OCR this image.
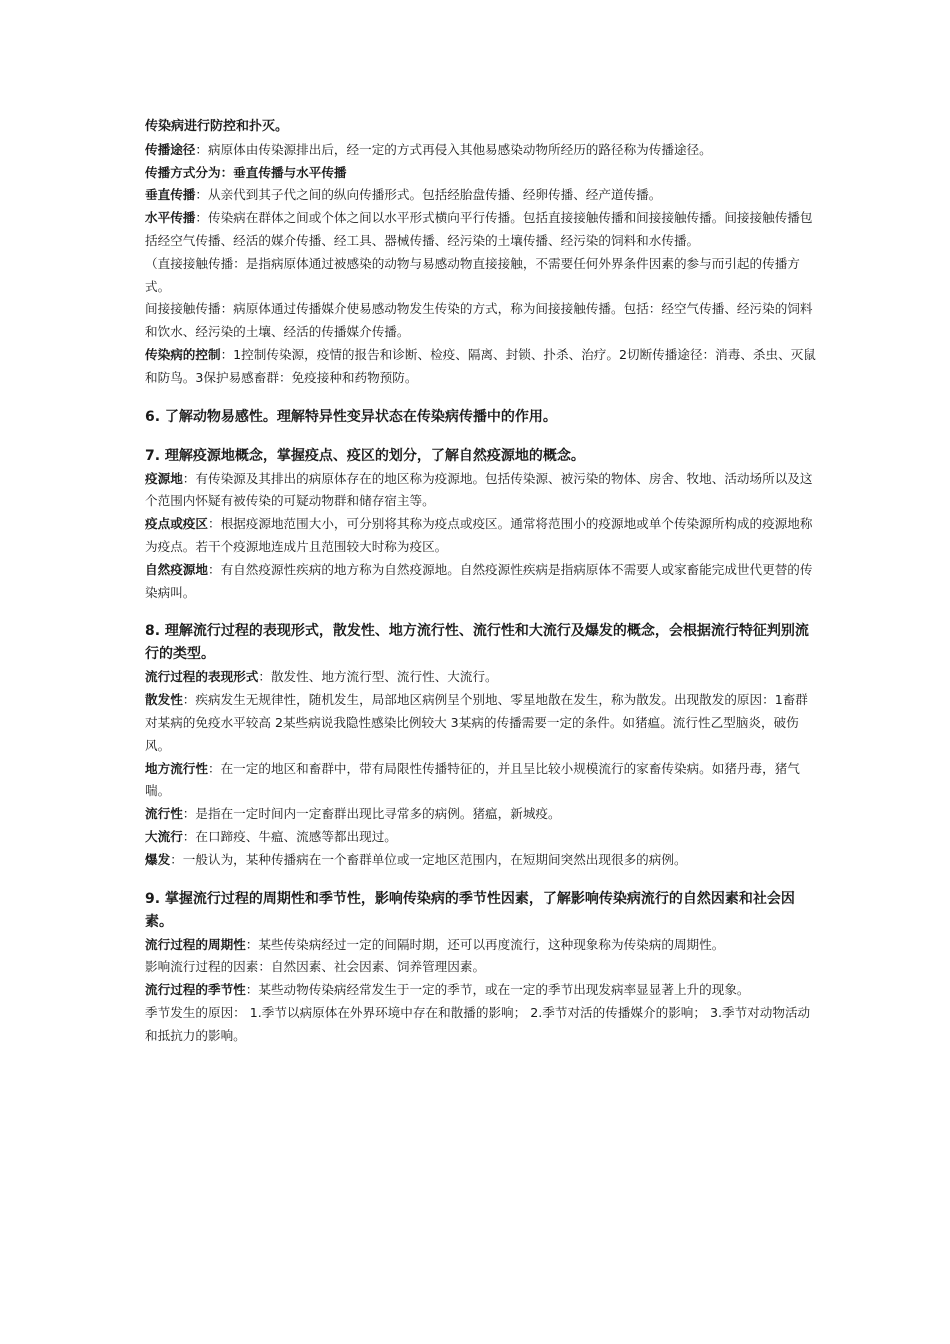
传染病进行防控和扑灭。

传播途径：病原体由传染源排出后，经一定的方式再侵入其他易感染动物所经历的路径称为传播途径。

传播方式分为：垂直传播与水平传播

垂直传播：从亲代到其子代之间的纵向传播形式。包括经胎盘传播、经卵传播、经产道传播。

水平传播：传染病在群体之间或个体之间以水平形式横向平行传播。包括直接接触传播和间接接触传播。间接接触传播包括经空气传播、经活的媒介传播、经工具、器械传播、经污染的土壤传播、经污染的饲料和水传播。

（直接接触传播：是指病原体通过被感染的动物与易感动物直接接触，不需要任何外界条件因素的参与而引起的传播方式。

间接接触传播：病原体通过传播媒介使易感动物发生传染的方式，称为间接接触传播。包括：经空气传播、经污染的饲料和饮水、经污染的土壤、经活的传播媒介传播。

传染病的控制：1控制传染源，疫情的报告和诊断、检疫、隔离、封锁、扑杀、治疗。2切断传播途径：消毒、杀虫、灭鼠和防鸟。3保护易感畜群：免疫接种和药物预防。

6. 了解动物易感性。理解特异性变异状态在传染病传播中的作用。

7. 理解疫源地概念，掌握疫点、疫区的划分，了解自然疫源地的概念。

疫源地：有传染源及其排出的病原体存在的地区称为疫源地。包括传染源、被污染的物体、房舍、牧地、活动场所以及这个范围内怀疑有被传染的可疑动物群和储存宿主等。

疫点或疫区：根据疫源地范围大小，可分别将其称为疫点或疫区。通常将范围小的疫源地或单个传染源所构成的疫源地称为疫点。若干个疫源地连成片且范围较大时称为疫区。

自然疫源地：有自然疫源性疾病的地方称为自然疫源地。自然疫源性疾病是指病原体不需要人或家畜能完成世代更替的传染病叫。

8. 理解流行过程的表现形式，散发性、地方流行性、流行性和大流行及爆发的概念，会根据流行特征判别流行的类型。

流行过程的表现形式：散发性、地方流行型、流行性、大流行。

散发性：疾病发生无规律性，随机发生，局部地区病例呈个别地、零星地散在发生，称为散发。出现散发的原因：1畜群对某病的免疫水平较高 2某些病说我隐性感染比例较大 3某病的传播需要一定的条件。如猪瘟。流行性乙型脑炎，破伤风。

地方流行性：在一定的地区和畜群中，带有局限性传播特征的，并且呈比较小规模流行的家畜传染病。如猪丹毒，猪气喘。

流行性：是指在一定时间内一定畜群出现比寻常多的病例。猪瘟，新城疫。

大流行：在口蹄疫、牛瘟、流感等都出现过。

爆发：一般认为，某种传播病在一个畜群单位或一定地区范围内，在短期间突然出现很多的病例。

9. 掌握流行过程的周期性和季节性，影响传染病的季节性因素，了解影响传染病流行的自然因素和社会因素。

流行过程的周期性：某些传染病经过一定的间隔时期，还可以再度流行，这种现象称为传染病的周期性。

影响流行过程的因素：自然因素、社会因素、饲养管理因素。

流行过程的季节性：某些动物传染病经常发生于一定的季节，或在一定的季节出现发病率显显著上升的现象。

季节发生的原因： 1.季节以病原体在外界环境中存在和散播的影响； 2.季节对活的传播媒介的影响； 3.季节对动物活动和抵抗力的影响。
